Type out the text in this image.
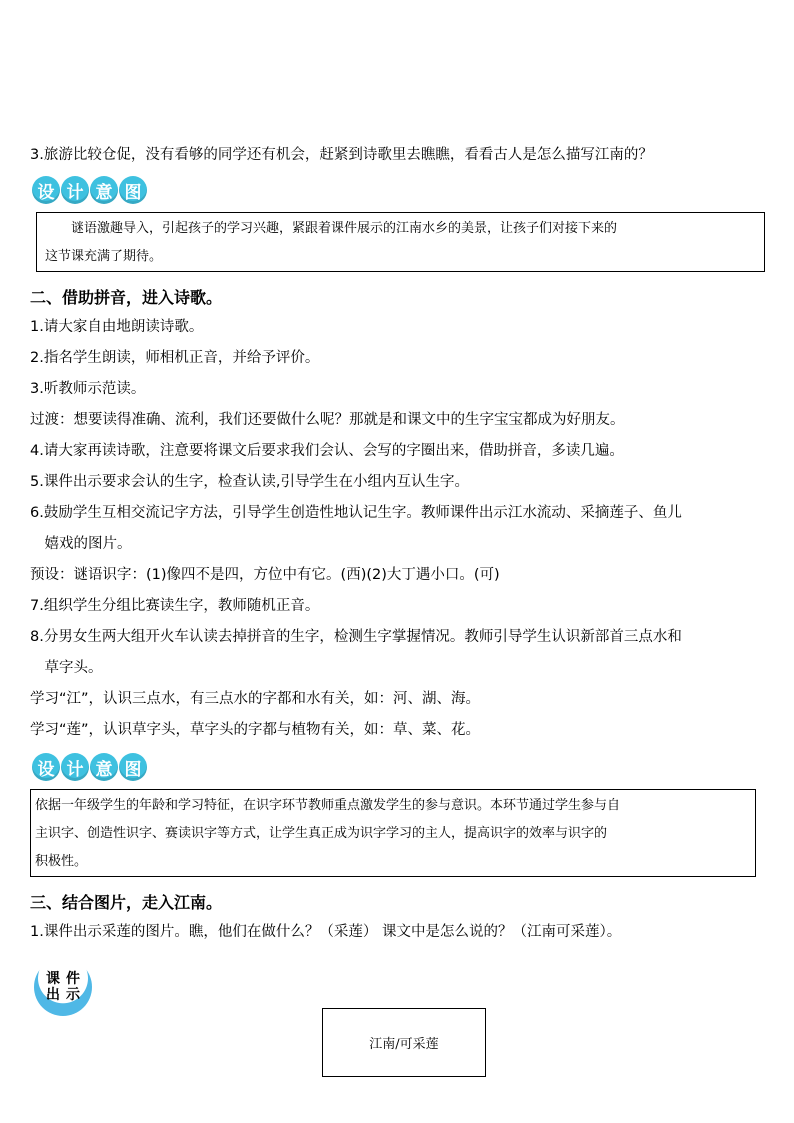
3.旅游比较仓促，没有看够的同学还有机会，赶紧到诗歌里去瞧瞧，看看古人是怎么描写江南的？
设 计 意 图
　　谜语激趣导入，引起孩子的学习兴趣，紧跟着课件展示的江南水乡的美景，让孩子们对接下来的
这节课充满了期待。
二、借助拼音，进入诗歌。
1.请大家自由地朗读诗歌。
2.指名学生朗读，师相机正音，并给予评价。
3.听教师示范读。
过渡：想要读得准确、流利，我们还要做什么呢？那就是和课文中的生字宝宝都成为好朋友。
4.请大家再读诗歌，注意要将课文后要求我们会认、会写的字圈出来，借助拼音，多读几遍。
5.课件出示要求会认的生字，检查认读,引导学生在小组内互认生字。
6.鼓励学生互相交流记字方法，引导学生创造性地认记生字。教师课件出示江水流动、采摘莲子、鱼儿
　嬉戏的图片。
预设：谜语识字：(1)像四不是四，方位中有它。(西)(2)大丁遇小口。(可)
7.组织学生分组比赛读生字，教师随机正音。
8.分男女生两大组开火车认读去掉拼音的生字，检测生字掌握情况。教师引导学生认识新部首三点水和
　草字头。
学习“江”，认识三点水，有三点水的字都和水有关，如：河、湖、海。
学习“莲”，认识草字头，草字头的字都与植物有关，如：草、菜、花。
设 计 意 图
依据一年级学生的年龄和学习特征，在识字环节教师重点激发学生的参与意识。本环节通过学生参与自
主识字、创造性识字、赛读识字等方式，让学生真正成为识字学习的主人，提高识字的效率与识字的
积极性。
三、结合图片，走入江南。
1.课件出示采莲的图片。瞧，他们在做什么？（采莲） 课文中是怎么说的？（江南可采莲）。
课件
出示
江南/可采莲
